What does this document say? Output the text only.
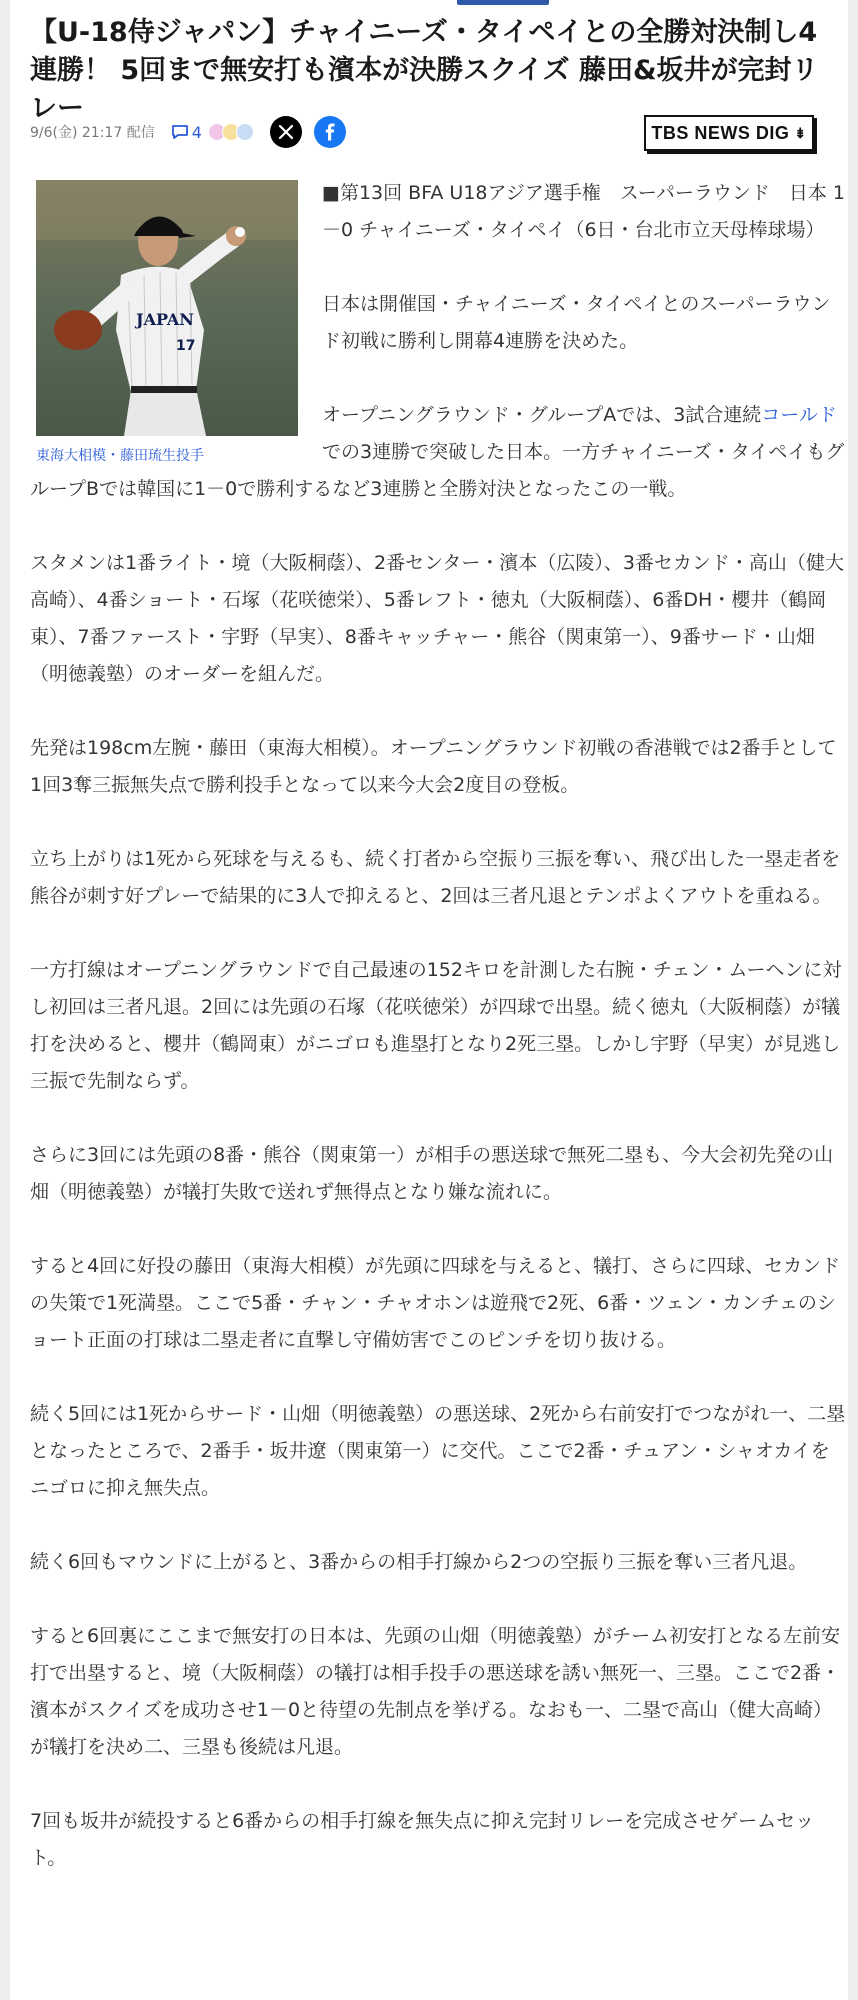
【U-18侍ジャパン】チャイニーズ・タイペイとの全勝対決制し4連勝！ 5回まで無安打も濱本が決勝スクイズ 藤田&坂井が完封リレー
9/6(金) 21:17 配信 4	TBS NEWS DIG ⇟
JAPAN
17
東海大相模・藤田琉生投手

■第13回 BFA U18アジア選手権　スーパーラウンド　日本 1－0 チャイニーズ・タイペイ（6日・台北市立天母棒球場）

日本は開催国・チャイニーズ・タイペイとのスーパーラウンド初戦に勝利し開幕4連勝を決めた。

オープニングラウンド・グループAでは、3試合連続コールドでの3連勝で突破した日本。一方チャイニーズ・タイペイもグループBでは韓国に1－0で勝利するなど3連勝と全勝対決となったこの一戦。

スタメンは1番ライト・境（大阪桐蔭）、2番センター・濱本（広陵）、3番セカンド・高山（健大高崎）、4番ショート・石塚（花咲徳栄）、5番レフト・徳丸（大阪桐蔭）、6番DH・櫻井（鶴岡東）、7番ファースト・宇野（早実）、8番キャッチャー・熊谷（関東第一）、9番サード・山畑（明徳義塾）のオーダーを組んだ。

先発は198cm左腕・藤田（東海大相模）。オープニングラウンド初戦の香港戦では2番手として1回3奪三振無失点で勝利投手となって以来今大会2度目の登板。

立ち上がりは1死から死球を与えるも、続く打者から空振り三振を奪い、飛び出した一塁走者を熊谷が刺す好プレーで結果的に3人で抑えると、2回は三者凡退とテンポよくアウトを重ねる。

一方打線はオープニングラウンドで自己最速の152キロを計測した右腕・チェン・ムーヘンに対し初回は三者凡退。2回には先頭の石塚（花咲徳栄）が四球で出塁。続く徳丸（大阪桐蔭）が犠打を決めると、櫻井（鶴岡東）がニゴロも進塁打となり2死三塁。しかし宇野（早実）が見逃し三振で先制ならず。

さらに3回には先頭の8番・熊谷（関東第一）が相手の悪送球で無死二塁も、今大会初先発の山畑（明徳義塾）が犠打失敗で送れず無得点となり嫌な流れに。

すると4回に好投の藤田（東海大相模）が先頭に四球を与えると、犠打、さらに四球、セカンドの失策で1死満塁。ここで5番・チャン・チャオホンは遊飛で2死、6番・ツェン・カンチェのショート正面の打球は二塁走者に直撃し守備妨害でこのピンチを切り抜ける。

続く5回には1死からサード・山畑（明徳義塾）の悪送球、2死から右前安打でつながれ一、二塁となったところで、2番手・坂井遼（関東第一）に交代。ここで2番・チュアン・シャオカイをニゴロに抑え無失点。

続く6回もマウンドに上がると、3番からの相手打線から2つの空振り三振を奪い三者凡退。

すると6回裏にここまで無安打の日本は、先頭の山畑（明徳義塾）がチーム初安打となる左前安打で出塁すると、境（大阪桐蔭）の犠打は相手投手の悪送球を誘い無死一、三塁。ここで2番・濱本がスクイズを成功させ1－0と待望の先制点を挙げる。なおも一、二塁で高山（健大高崎）が犠打を決め二、三塁も後続は凡退。

7回も坂井が続投すると6番からの相手打線を無失点に抑え完封リレーを完成させゲームセット。
